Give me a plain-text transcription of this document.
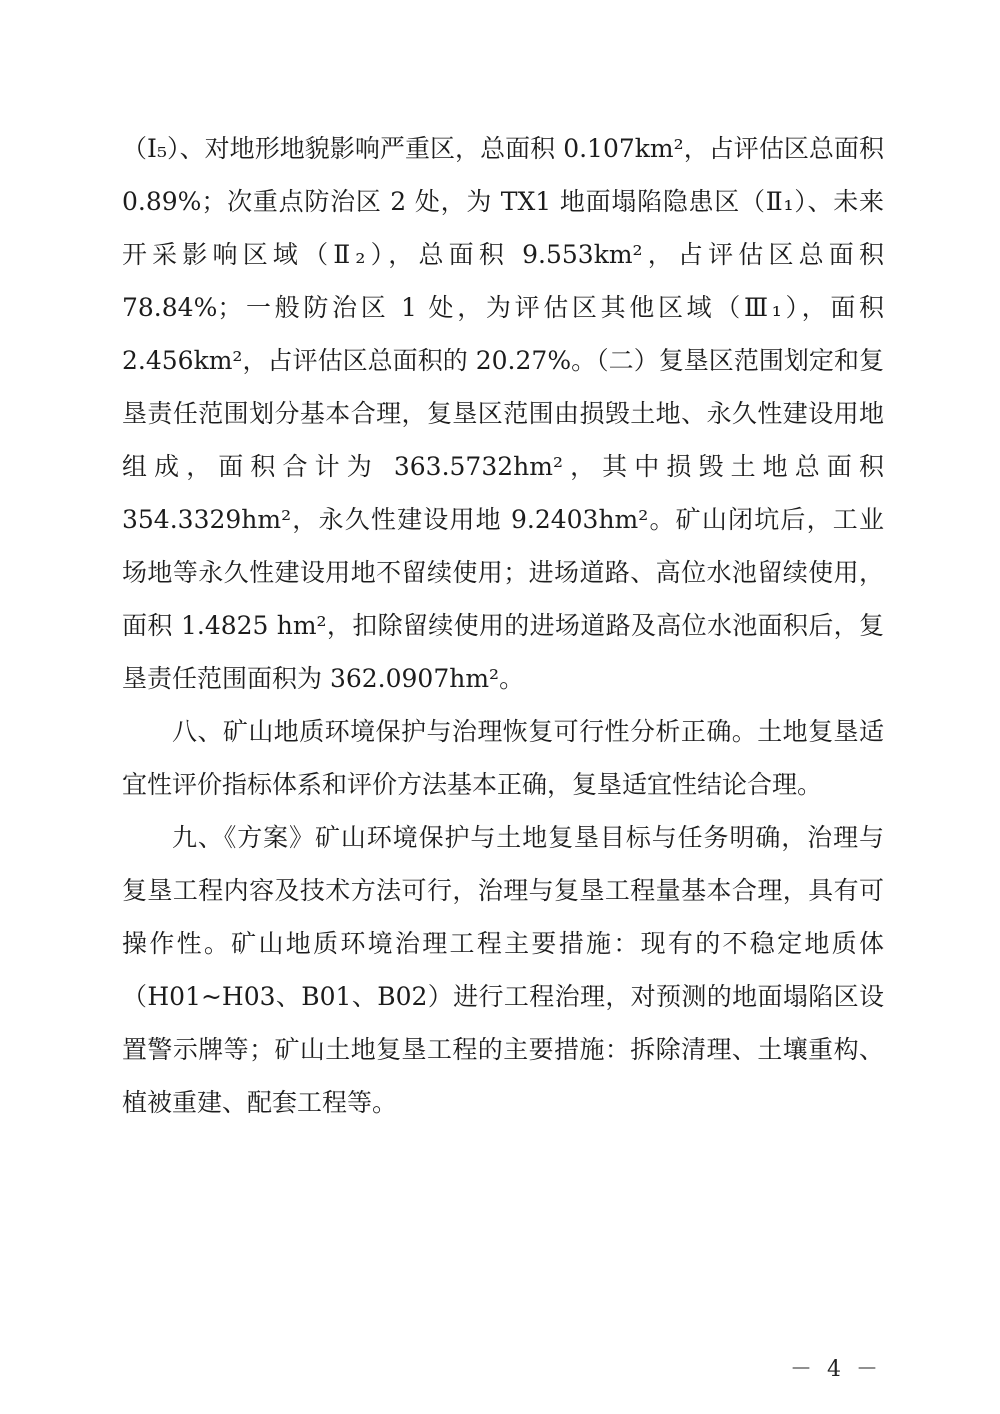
（Ⅰ₅）、对地形地貌影响严重区，总面积 0.107km²，占评估区总面积 0.89%；次重点防治区 2 处，为 TX1 地面塌陷隐患区（Ⅱ₁）、未来开采影响区域（Ⅱ₂），总面积 9.553km²，占评估区总面积 78.84%；一般防治区 1 处，为评估区其他区域（Ⅲ₁），面积 2.456km²，占评估区总面积的 20.27%。（二）复垦区范围划定和复垦责任范围划分基本合理，复垦区范围由损毁土地、永久性建设用地组成，面积合计为 363.5732hm²，其中损毁土地总面积 354.3329hm²，永久性建设用地 9.2403hm²。矿山闭坑后，工业场地等永久性建设用地不留续使用；进场道路、高位水池留续使用，面积 1.4825 hm²，扣除留续使用的进场道路及高位水池面积后，复垦责任范围面积为 362.0907hm²。

八、矿山地质环境保护与治理恢复可行性分析正确。土地复垦适宜性评价指标体系和评价方法基本正确，复垦适宜性结论合理。

九、《方案》矿山环境保护与土地复垦目标与任务明确，治理与复垦工程内容及技术方法可行，治理与复垦工程量基本合理，具有可操作性。矿山地质环境治理工程主要措施：现有的不稳定地质体（H01~H03、B01、B02）进行工程治理，对预测的地面塌陷区设置警示牌等；矿山土地复垦工程的主要措施：拆除清理、土壤重构、植被重建、配套工程等。

－ 4 －
